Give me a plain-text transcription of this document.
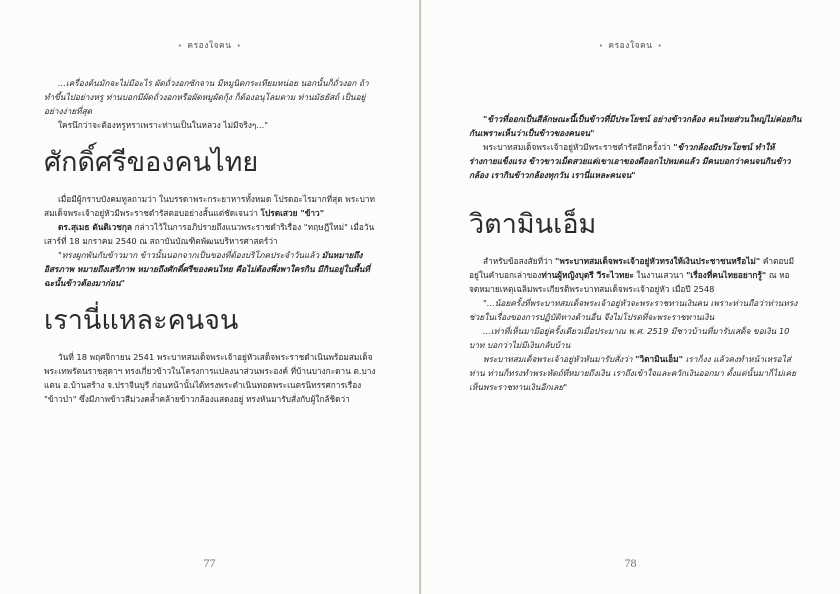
• ครองใจคน •

...เครื่องต้นมักจะไม่มีอะไร ผัดถั่วงอกซักจาน มีหมูนิดกระเทียมหน่อย นอกนั้นก็ถั่วงอก ถ้าทำขึ้นไปอย่างหรู ท่านบอกมีผัดถั่วงอกหรือผัดหมูผัดกุ้ง ก็ต้องอนุโลมตาม ท่านมัธยัสถ์ เป็นอยู่อย่างง่ายที่สุด

ใครนึกว่าจะต้องหรูหราเพราะท่านเป็นในหลวง ไม่มีจริงๆ..."

ศักดิ์ศรีของคนไทย

เมื่อมีผู้กราบบังคมทูลถามว่า ในบรรดาพระกระยาหารทั้งหมด โปรดอะไรมากที่สุด พระบาทสมเด็จพระเจ้าอยู่หัวมีพระราชดำรัสตอบอย่างสั้นแต่ชัดเจนว่า โปรดเสวย "ข้าว"

ดร.สุเมธ ตันติเวชกุล กล่าวไว้ในการอภิปรายถึงแนวพระราชดำริเรื่อง "ทฤษฎีใหม่" เมื่อวันเสาร์ที่ 18 มกราคม 2540 ณ สถาบันบัณฑิตพัฒนบริหารศาสตร์ว่า

"ทรงผูกพันกับข้าวมาก ข้าวนั้นนอกจากเป็นของที่ต้องบริโภคประจำวันแล้ว มันหมายถึงอิสรภาพ หมายถึงเสรีภาพ หมายถึงศักดิ์ศรีของคนไทย คือไม่ต้องพึ่งพาใครกิน มีกินอยู่ในพื้นที่ ฉะนั้นข้าวต้องมาก่อน"

เรานี่แหละคนจน

วันที่ 18 พฤศจิกายน 2541 พระบาทสมเด็จพระเจ้าอยู่หัวเสด็จพระราชดำเนินพร้อมสมเด็จพระเทพรัตนราชสุดาฯ ทรงเกี่ยวข้าวในโครงการแปลงนาส่วนพระองค์ ที่บ้านบางกะดาน ต.บางแตน อ.บ้านสร้าง จ.ปราจีนบุรี ก่อนหน้านั้นได้ทรงพระดำเนินทอดพระเนตรนิทรรศการเรื่อง "ข้าวป่า" ซึ่งมีภาพข้าวสีม่วงคล้ำคล้ายข้าวกล้องแสดงอยู่ ทรงหันมารับสั่งกับผู้ใกล้ชิดว่า

77
• ครองใจคน •

"ข้าวที่ออกเป็นสีลักษณะนี้เป็นข้าวที่มีประโยชน์ อย่างข้าวกล้อง คนไทยส่วนใหญ่ไม่ค่อยกินกันเพราะเห็นว่าเป็นข้าวของคนจน"

พระบาทสมเด็จพระเจ้าอยู่หัวมีพระราชดำรัสอีกครั้งว่า "ข้าวกล้องมีประโยชน์ ทำให้ร่างกายแข็งแรง ข้าวขาวเม็ดสวยแต่เขาเอาของดีออกไปหมดแล้ว มีคนบอกว่าคนจนกินข้าวกล้อง เรากินข้าวกล้องทุกวัน เรานี่แหละคนจน"

วิตามินเอ็ม

สำหรับข้อสงสัยที่ว่า "พระบาทสมเด็จพระเจ้าอยู่หัวทรงให้เงินประชาชนหรือไม่" คำตอบมีอยู่ในคำบอกเล่าของท่านผู้หญิงบุตรี วีระไวทยะ ในงานเสวนา "เรื่องที่คนไทยอยากรู้" ณ หอจดหมายเหตุเฉลิมพระเกียรติพระบาทสมเด็จพระเจ้าอยู่หัว เมื่อปี 2548

"...น้อยครั้งที่พระบาทสมเด็จพระเจ้าอยู่หัวจะพระราชทานเงินคน เพราะท่านถือว่าท่านทรงช่วยในเรื่องของการปฏิบัติทางด้านอื่น จึงไม่โปรดที่จะพระราชทานเงิน

...เท่าที่เห็นมามีอยู่ครั้งเดียวเมื่อประมาณ พ.ศ. 2519 มีชาวบ้านที่มารับเสด็จ ขอเงิน 10 บาท บอกว่าไม่มีเงินกลับบ้าน

พระบาทสมเด็จพระเจ้าอยู่หัวหันมารับสั่งว่า "วิตามินเอ็ม" เราก็งง แล้วคงทำหน้าเหรอไส่ท่าน ท่านก็ทรงทำพระหัตถ์ที่หมายถึงเงิน เราถึงเข้าใจและควักเงินออกมา ตั้งแต่นั้นมาก็ไม่เคยเห็นพระราชทานเงินอีกเลย"

78
